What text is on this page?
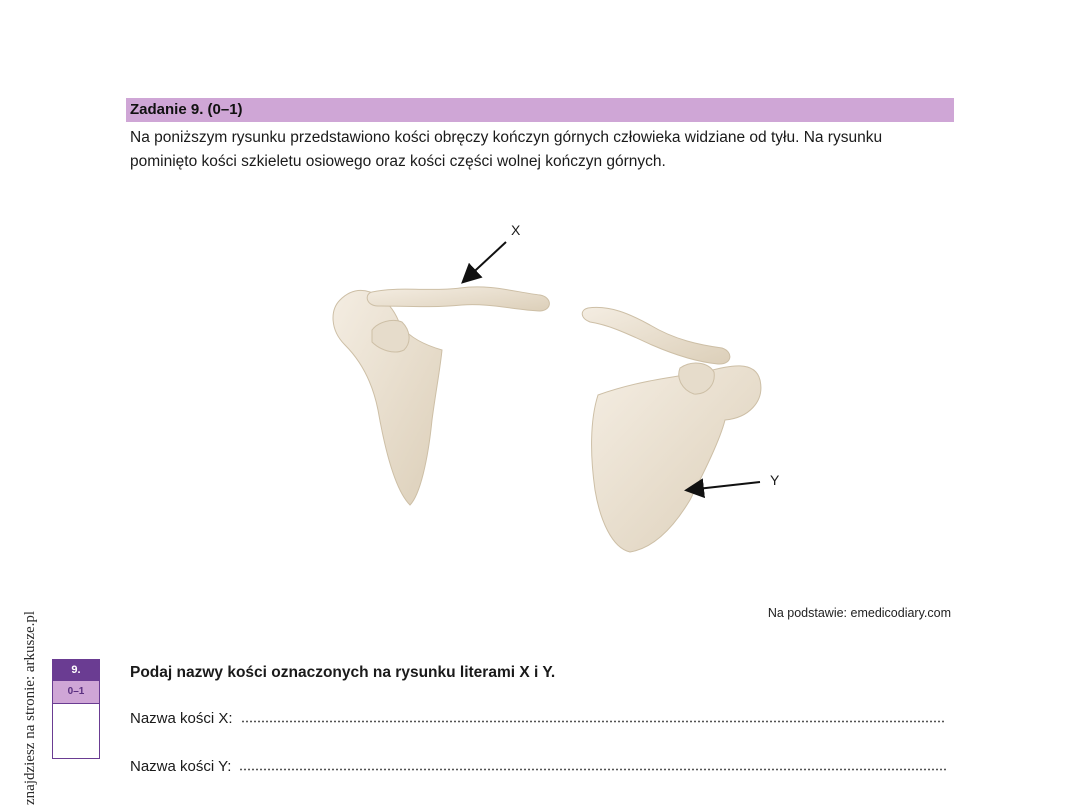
Zadanie 9. (0–1)
Na poniższym rysunku przedstawiono kości obręczy kończyn górnych człowieka widziane od tyłu. Na rysunku pominięto kości szkieletu osiowego oraz kości części wolnej kończyn górnych.
X
Y
Na podstawie: emedicodiary.com
Podaj nazwy kości oznaczonych na rysunku literami X i Y.
Nazwa kości X:
Nazwa kości Y:
9.
0–1
znajdziesz na stronie: arkusze.pl
